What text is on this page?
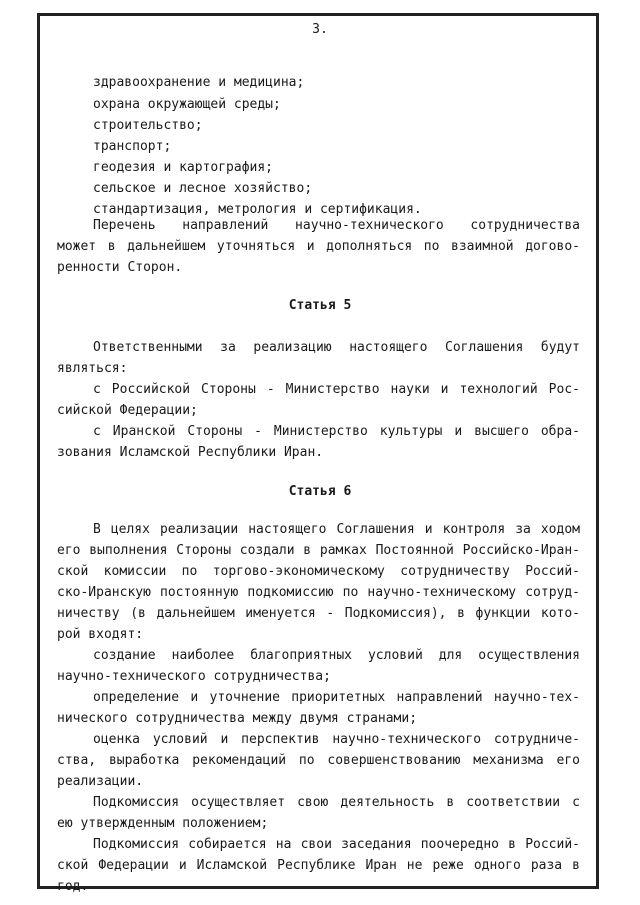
3.
здравоохранение и медицина;
охрана окружающей среды;
строительство;
транспорт;
геодезия и картография;
сельское и лесное хозяйство;
стандартизация, метрология и сертификация.
Перечень направлений научно-технического сотрудничества
может в дальнейшем уточняться и дополняться по взаимной догово-
ренности Сторон.
Статья 5
Ответственными за реализацию настоящего Соглашения будут
являться:
с Российской Стороны - Министерство науки и технологий Рос-
сийской Федерации;
с Иранской Стороны - Министерство культуры и высшего обра-
зования Исламской Республики Иран.
Статья 6
В целях реализации настоящего Соглашения и контроля за ходом
его выполнения Стороны создали в рамках Постоянной Российско-Иран-
ской комиссии по торгово-экономическому сотрудничеству Россий-
ско-Иранскую постоянную подкомиссию по научно-техническому сотруд-
ничеству (в дальнейшем именуется - Подкомиссия), в функции кото-
рой входят:
создание наиболее благоприятных условий для осуществления
научно-технического сотрудничества;
определение и уточнение приоритетных направлений научно-тех-
нического сотрудничества между двумя странами;
оценка условий и перспектив научно-технического сотрудниче-
ства, выработка рекомендаций по совершенствованию механизма его
реализации.
Подкомиссия осуществляет свою деятельность в соответствии с
ею утвержденным положением;
Подкомиссия собирается на свои заседания поочередно в Россий-
ской Федерации и Исламской Республике Иран не реже одного раза в
год.
